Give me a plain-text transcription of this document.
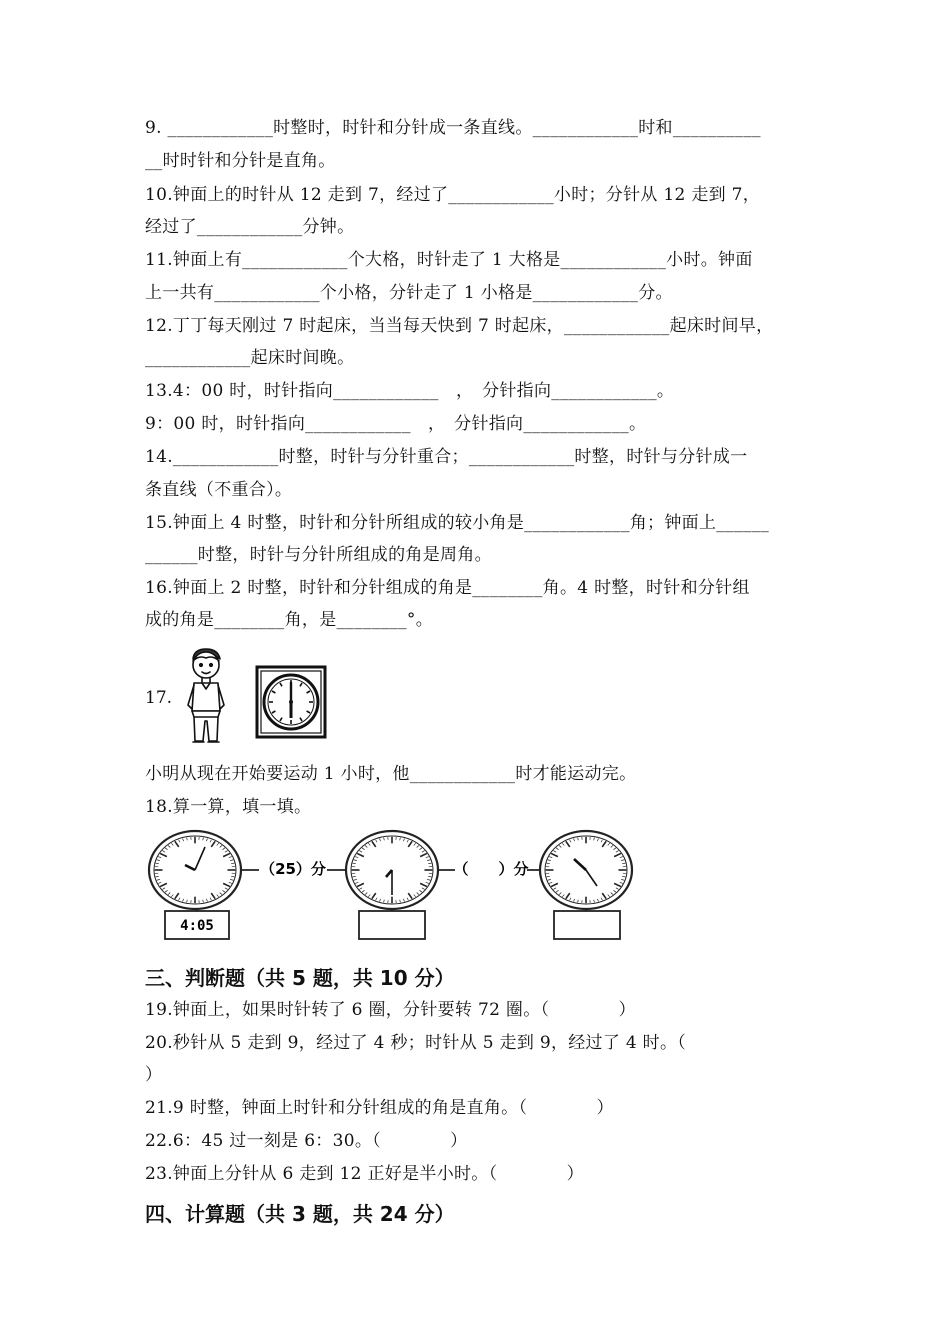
9. ____________时整时，时针和分针成一条直线。____________时和__________
__时时针和分针是直角。
10.钟面上的时针从 12 走到 7，经过了____________小时；分针从 12 走到 7，
经过了____________分钟。
11.钟面上有____________个大格，时针走了 1 大格是____________小时。钟面
上一共有____________个小格，分针走了 1 小格是____________分。
12.丁丁每天刚过 7 时起床，当当每天快到 7 时起床，____________起床时间早，
____________起床时间晚。
13.4：00 时，时针指向____________　，　分针指向____________。
9：00 时，时针指向____________　，　分针指向____________。
14.____________时整，时针与分针重合；____________时整，时针与分针成一
条直线（不重合）。
15.钟面上 4 时整，时针和分针所组成的较小角是____________角；钟面上______
______时整，时针与分针所组成的角是周角。
16.钟面上 2 时整，时针和分针组成的角是________角。4 时整，时针和分针组
成的角是________角，是________°。
17.
小明从现在开始要运动 1 小时，他____________时才能运动完。
18.算一算，填一填。
（25）分	（　　）分
4:05
三、判断题（共 5 题，共 10 分）
19.钟面上，如果时针转了 6 圈，分针要转 72 圈。（　　　　）
20.秒针从 5 走到 9，经过了 4 秒；时针从 5 走到 9，经过了 4 时。（
）
21.9 时整，钟面上时针和分针组成的角是直角。（　　　　）
22.6：45 过一刻是 6：30。（　　　　）
23.钟面上分针从 6 走到 12 正好是半小时。（　　　　）
四、计算题（共 3 题，共 24 分）
